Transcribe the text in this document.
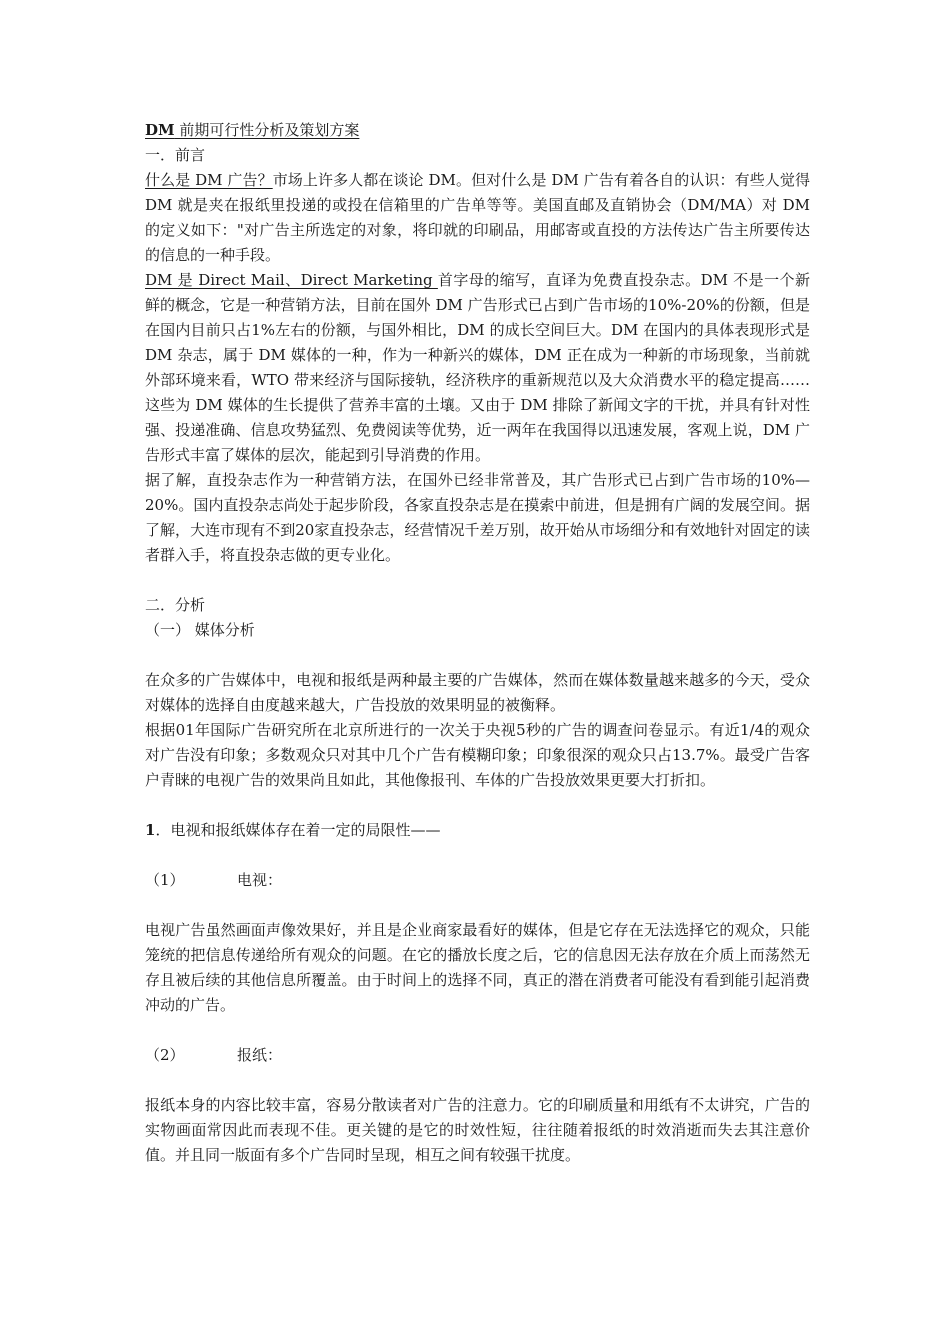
DM 前期可行性分析及策划方案

一．前言

什么是 DM 广告？市场上许多人都在谈论 DM。但对什么是 DM 广告有着各自的认识：有些人觉得 DM 就是夹在报纸里投递的或投在信箱里的广告单等等。美国直邮及直销协会（DM/MA）对 DM 的定义如下："对广告主所选定的对象，将印就的印刷品，用邮寄或直投的方法传达广告主所要传达的信息的一种手段。

DM 是 Direct Mail、Direct Marketing 首字母的缩写，直译为免费直投杂志。DM 不是一个新鲜的概念，它是一种营销方法，目前在国外 DM 广告形式已占到广告市场的10%-20%的份额，但是在国内目前只占1%左右的份额，与国外相比，DM 的成长空间巨大。DM 在国内的具体表现形式是 DM 杂志，属于 DM 媒体的一种，作为一种新兴的媒体，DM 正在成为一种新的市场现象，当前就外部环境来看，WTO 带来经济与国际接轨，经济秩序的重新规范以及大众消费水平的稳定提高……这些为 DM 媒体的生长提供了营养丰富的土壤。又由于 DM 排除了新闻文字的干扰，并具有针对性强、投递准确、信息攻势猛烈、免费阅读等优势，近一两年在我国得以迅速发展，客观上说，DM 广告形式丰富了媒体的层次，能起到引导消费的作用。

据了解，直投杂志作为一种营销方法，在国外已经非常普及，其广告形式已占到广告市场的10%—20%。国内直投杂志尚处于起步阶段，各家直投杂志是在摸索中前进，但是拥有广阔的发展空间。据了解，大连市现有不到20家直投杂志，经营情况千差万别，故开始从市场细分和有效地针对固定的读者群入手，将直投杂志做的更专业化。

二．分析

（一） 媒体分析

在众多的广告媒体中，电视和报纸是两种最主要的广告媒体，然而在媒体数量越来越多的今天，受众对媒体的选择自由度越来越大，广告投放的效果明显的被衡释。

根据01年国际广告研究所在北京所进行的一次关于央视5秒的广告的调查问卷显示。有近1/4的观众对广告没有印象；多数观众只对其中几个广告有模糊印象；印象很深的观众只占13.7%。最受广告客户青睐的电视广告的效果尚且如此，其他像报刊、车体的广告投放效果更要大打折扣。

1．电视和报纸媒体存在着一定的局限性——

（1）	电视：

电视广告虽然画面声像效果好，并且是企业商家最看好的媒体，但是它存在无法选择它的观众，只能笼统的把信息传递给所有观众的问题。在它的播放长度之后，它的信息因无法存放在介质上而荡然无存且被后续的其他信息所覆盖。由于时间上的选择不同，真正的潜在消费者可能没有看到能引起消费冲动的广告。

（2）	报纸：

报纸本身的内容比较丰富，容易分散读者对广告的注意力。它的印刷质量和用纸有不太讲究，广告的实物画面常因此而表现不佳。更关键的是它的时效性短，往往随着报纸的时效消逝而失去其注意价值。并且同一版面有多个广告同时呈现，相互之间有较强干扰度。
